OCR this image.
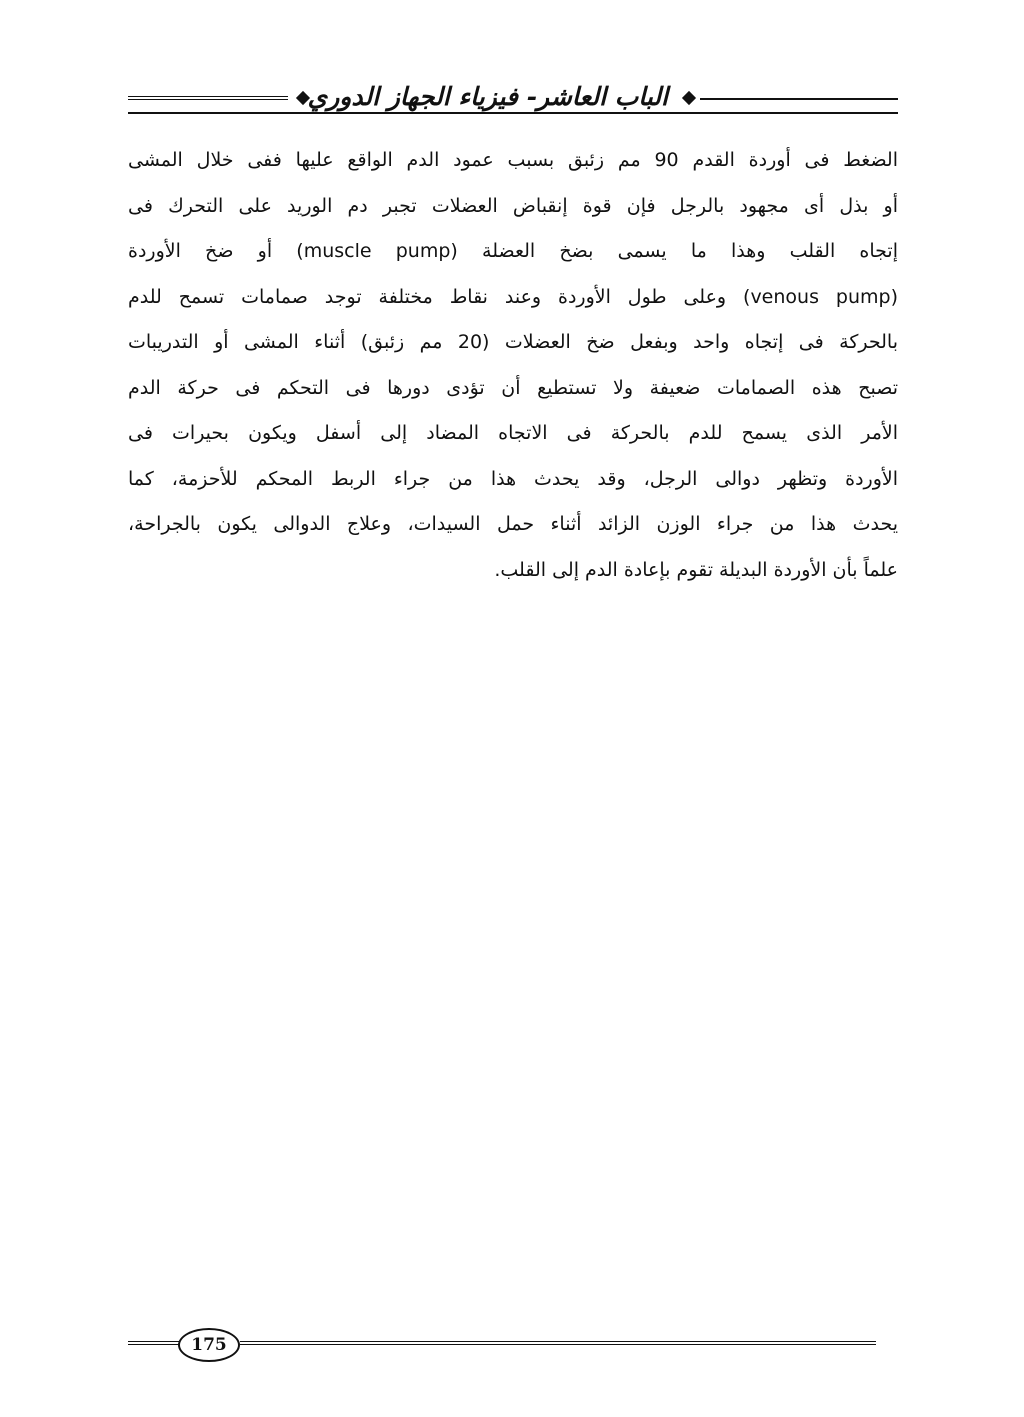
الباب العاشر- فيزياء الجهاز الدوري
الضغط فى أوردة القدم 90 مم زئبق بسبب عمود الدم الواقع عليها ففى خلال المشى
أو بذل أى مجهود بالرجل فإن قوة إنقباض العضلات تجبر دم الوريد على التحرك فى
إتجاه القلب وهذا ما يسمى بضخ العضلة (muscle pump) أو ضخ الأوردة
(venous pump) وعلى طول الأوردة وعند نقاط مختلفة توجد صمامات تسمح للدم
بالحركة فى إتجاه واحد وبفعل ضخ العضلات (20 مم زئبق) أثناء المشى أو التدريبات
تصبح هذه الصمامات ضعيفة ولا تستطيع أن تؤدى دورها فى التحكم فى حركة الدم
الأمر الذى يسمح للدم بالحركة فى الاتجاه المضاد إلى أسفل ويكون بحيرات فى
الأوردة وتظهر دوالى الرجل، وقد يحدث هذا من جراء الربط المحكم للأحزمة، كما
يحدث هذا من جراء الوزن الزائد أثناء حمل السيدات، وعلاج الدوالى يكون بالجراحة،
علماً بأن الأوردة البديلة تقوم بإعادة الدم إلى القلب.
175
